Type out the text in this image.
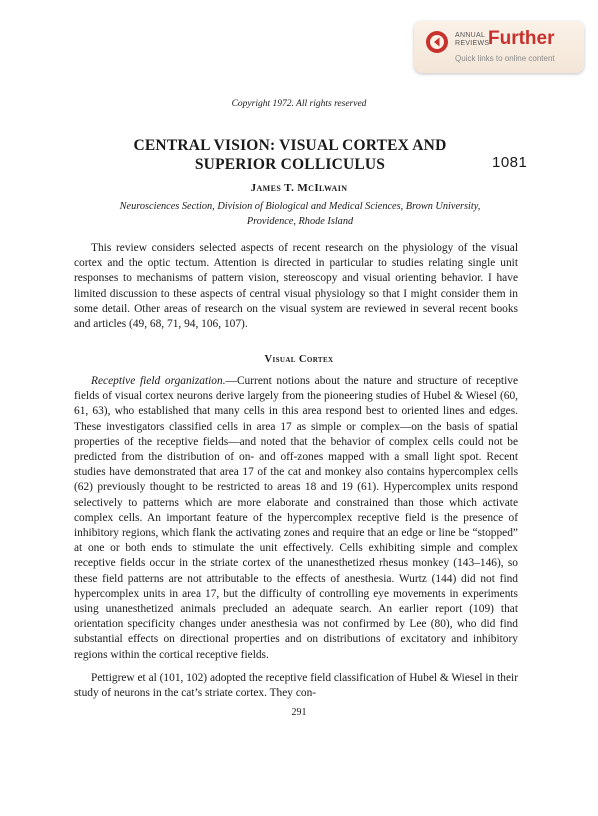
ANNUAL
REVIEWS
Further
Quick links to online content
Copyright 1972. All rights reserved
CENTRAL VISION: VISUAL CORTEX AND
SUPERIOR COLLICULUS	1081
James T. McIlwain
Neurosciences Section, Division of Biological and Medical Sciences, Brown University,
Providence, Rhode Island

This review considers selected aspects of recent research on the physiology of the visual cortex and the optic tectum. Attention is directed in particular to studies relating single unit responses to mechanisms of pattern vision, stereoscopy and visual orienting behavior. I have limited discussion to these aspects of central visual physiology so that I might consider them in some detail. Other areas of research on the visual system are reviewed in several recent books and articles (49, 68, 71, 94, 106, 107).

Visual Cortex

Receptive field organization.—Current notions about the nature and structure of receptive fields of visual cortex neurons derive largely from the pioneering studies of Hubel & Wiesel (60, 61, 63), who established that many cells in this area respond best to oriented lines and edges. These investigators classified cells in area 17 as simple or complex—on the basis of spatial properties of the receptive fields—and noted that the behavior of complex cells could not be predicted from the distribution of on- and off-zones mapped with a small light spot. Recent studies have demonstrated that area 17 of the cat and monkey also contains hypercomplex cells (62) previously thought to be restricted to areas 18 and 19 (61). Hypercomplex units respond selectively to patterns which are more elaborate and constrained than those which activate complex cells. An important feature of the hypercomplex receptive field is the presence of inhibitory regions, which flank the activating zones and require that an edge or line be “stopped” at one or both ends to stimulate the unit effectively. Cells exhibiting simple and complex receptive fields occur in the striate cortex of the unanesthetized rhesus monkey (143–146), so these field patterns are not attributable to the effects of anesthesia. Wurtz (144) did not find hypercomplex units in area 17, but the difficulty of controlling eye movements in experiments using unanesthetized animals precluded an adequate search. An earlier report (109) that orientation specificity changes under anesthesia was not confirmed by Lee (80), who did find substantial effects on directional properties and on distributions of excitatory and inhibitory regions within the cortical receptive fields.

Pettigrew et al (101, 102) adopted the receptive field classification of Hubel & Wiesel in their study of neurons in the cat’s striate cortex. They con-

291
